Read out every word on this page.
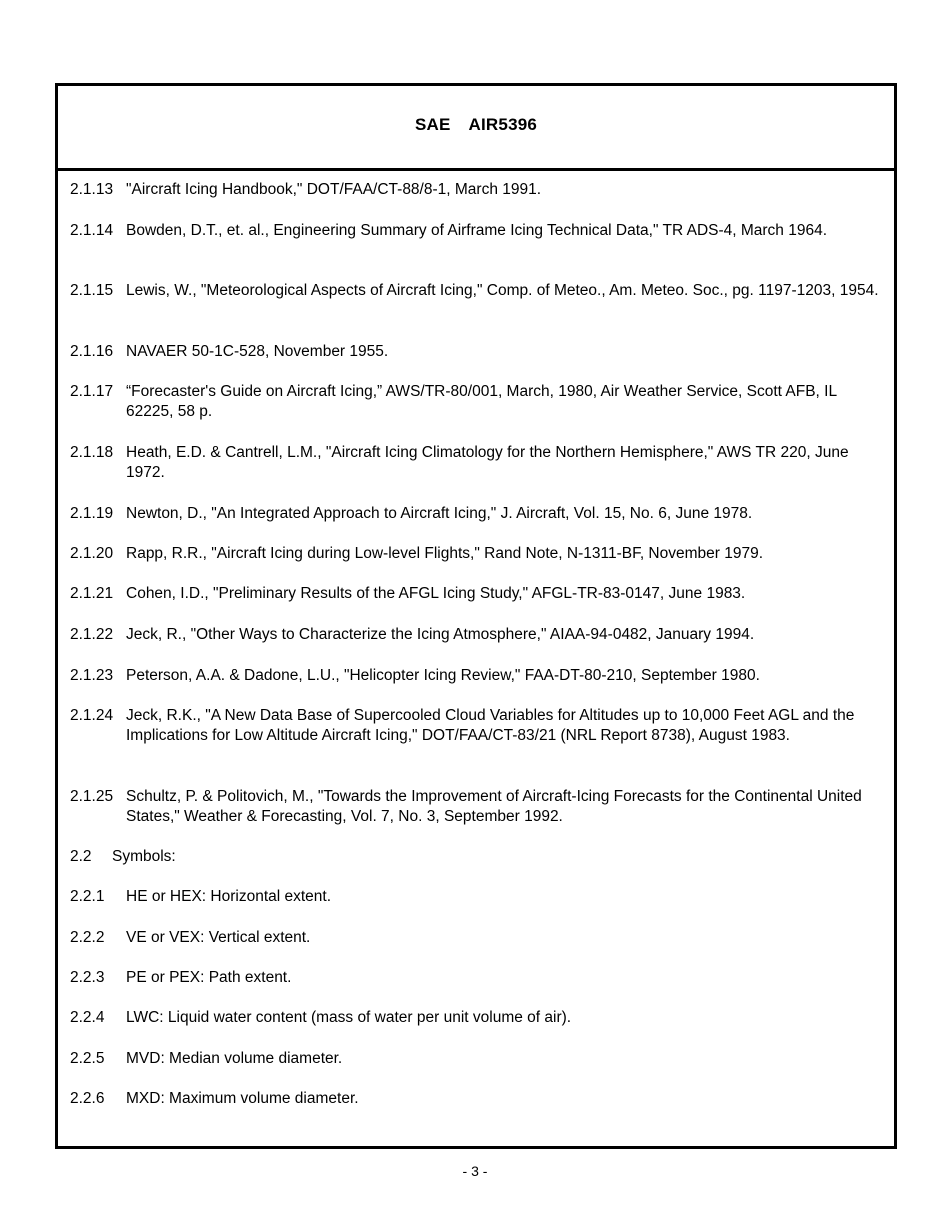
SAE AIR5396
2.1.13 "Aircraft Icing Handbook," DOT/FAA/CT-88/8-1, March 1991.
2.1.14 Bowden, D.T., et. al., Engineering Summary of Airframe Icing Technical Data," TR ADS-4, March 1964.
2.1.15 Lewis, W., "Meteorological Aspects of Aircraft Icing," Comp. of Meteo., Am. Meteo. Soc., pg. 1197-1203, 1954.
2.1.16 NAVAER 50-1C-528, November 1955.
2.1.17 “Forecaster's Guide on Aircraft Icing,” AWS/TR-80/001, March, 1980, Air Weather Service, Scott AFB, IL 62225, 58 p.
2.1.18 Heath, E.D. & Cantrell, L.M., "Aircraft Icing Climatology for the Northern Hemisphere," AWS TR 220, June 1972.
2.1.19 Newton, D., "An Integrated Approach to Aircraft Icing," J. Aircraft, Vol. 15, No. 6, June 1978.
2.1.20 Rapp, R.R., "Aircraft Icing during Low-level Flights," Rand Note, N-1311-BF, November 1979.
2.1.21 Cohen, I.D., "Preliminary Results of the AFGL Icing Study," AFGL-TR-83-0147, June 1983.
2.1.22 Jeck, R., "Other Ways to Characterize the Icing Atmosphere," AIAA-94-0482, January 1994.
2.1.23 Peterson, A.A. & Dadone, L.U., "Helicopter Icing Review," FAA-DT-80-210, September 1980.
2.1.24 Jeck, R.K., "A New Data Base of Supercooled Cloud Variables for Altitudes up to 10,000 Feet AGL and the Implications for Low Altitude Aircraft Icing," DOT/FAA/CT-83/21 (NRL Report 8738), August 1983.
2.1.25 Schultz, P. & Politovich, M., "Towards the Improvement of Aircraft-Icing Forecasts for the Continental United States," Weather & Forecasting, Vol. 7, No. 3, September 1992.
2.2 Symbols:
2.2.1 HE or HEX: Horizontal extent.
2.2.2 VE or VEX: Vertical extent.
2.2.3 PE or PEX: Path extent.
2.2.4 LWC: Liquid water content (mass of water per unit volume of air).
2.2.5 MVD: Median volume diameter.
2.2.6 MXD: Maximum volume diameter.
- 3 -
